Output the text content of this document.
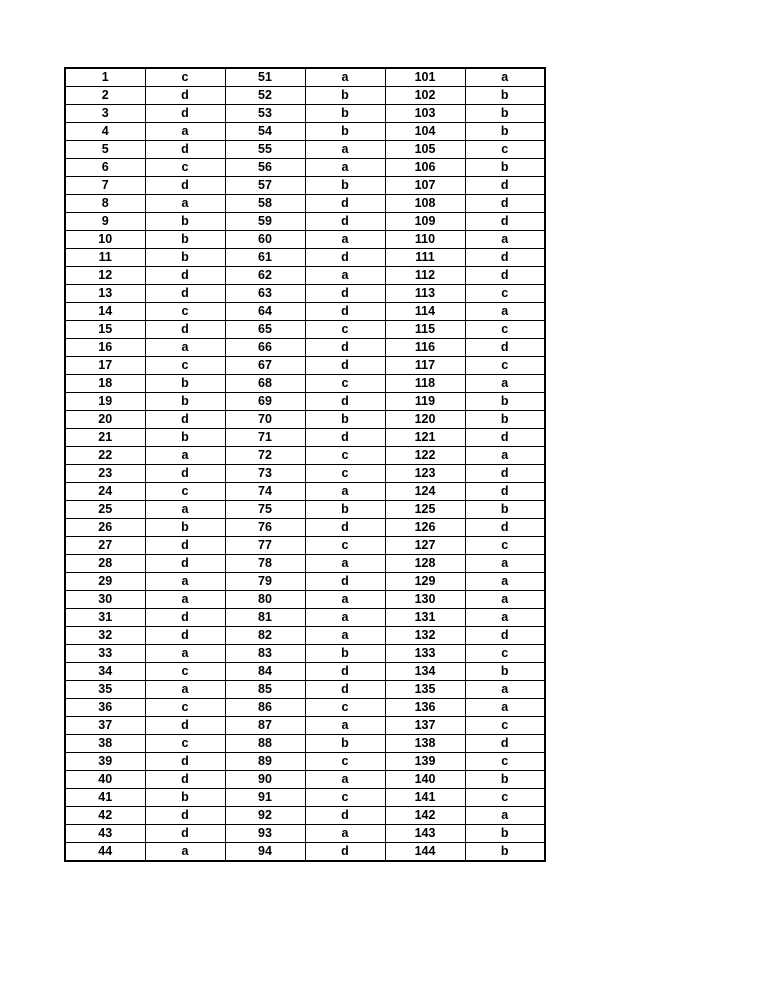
1	c	51	a	101	a
2	d	52	b	102	b
3	d	53	b	103	b
4	a	54	b	104	b
5	d	55	a	105	c
6	c	56	a	106	b
7	d	57	b	107	d
8	a	58	d	108	d
9	b	59	d	109	d
10	b	60	a	110	a
11	b	61	d	111	d
12	d	62	a	112	d
13	d	63	d	113	c
14	c	64	d	114	a
15	d	65	c	115	c
16	a	66	d	116	d
17	c	67	d	117	c
18	b	68	c	118	a
19	b	69	d	119	b
20	d	70	b	120	b
21	b	71	d	121	d
22	a	72	c	122	a
23	d	73	c	123	d
24	c	74	a	124	d
25	a	75	b	125	b
26	b	76	d	126	d
27	d	77	c	127	c
28	d	78	a	128	a
29	a	79	d	129	a
30	a	80	a	130	a
31	d	81	a	131	a
32	d	82	a	132	d
33	a	83	b	133	c
34	c	84	d	134	b
35	a	85	d	135	a
36	c	86	c	136	a
37	d	87	a	137	c
38	c	88	b	138	d
39	d	89	c	139	c
40	d	90	a	140	b
41	b	91	c	141	c
42	d	92	d	142	a
43	d	93	a	143	b
44	a	94	d	144	b
